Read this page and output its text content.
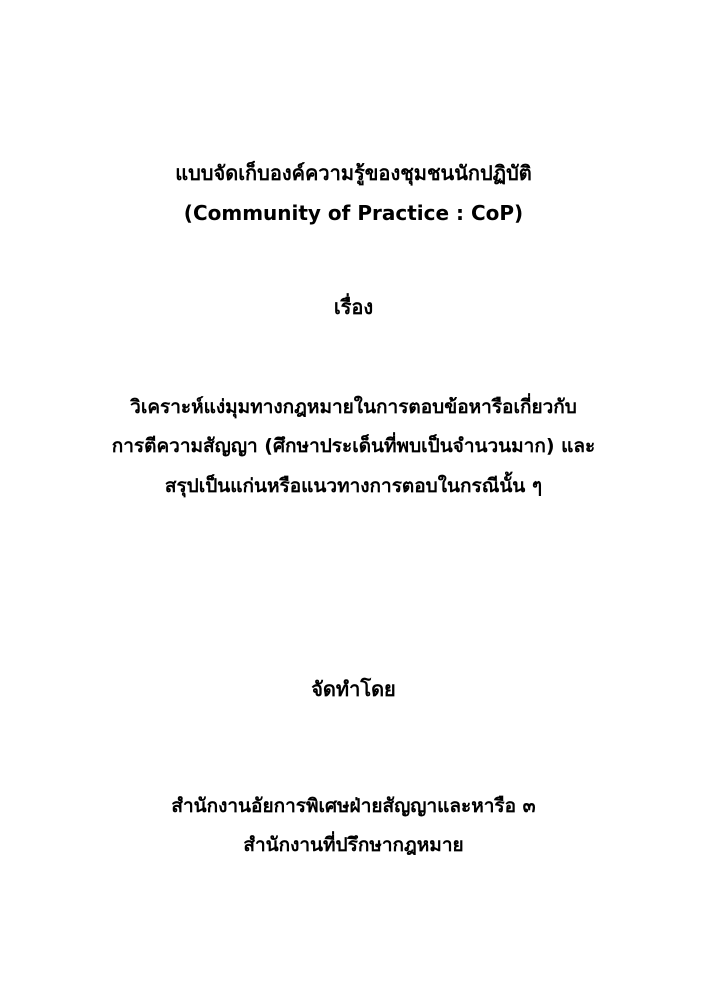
แบบจัดเก็บองค์ความรู้ของชุมชนนักปฏิบัติ
(Community of Practice : CoP)
เรื่อง
วิเคราะห์แง่มุมทางกฎหมายในการตอบข้อหารือเกี่ยวกับ
การตีความสัญญา (ศึกษาประเด็นที่พบเป็นจำนวนมาก) และ
สรุปเป็นแก่นหรือแนวทางการตอบในกรณีนั้น ๆ
จัดทำโดย
สำนักงานอัยการพิเศษฝ่ายสัญญาและหารือ ๓
สำนักงานที่ปรึกษากฎหมาย
